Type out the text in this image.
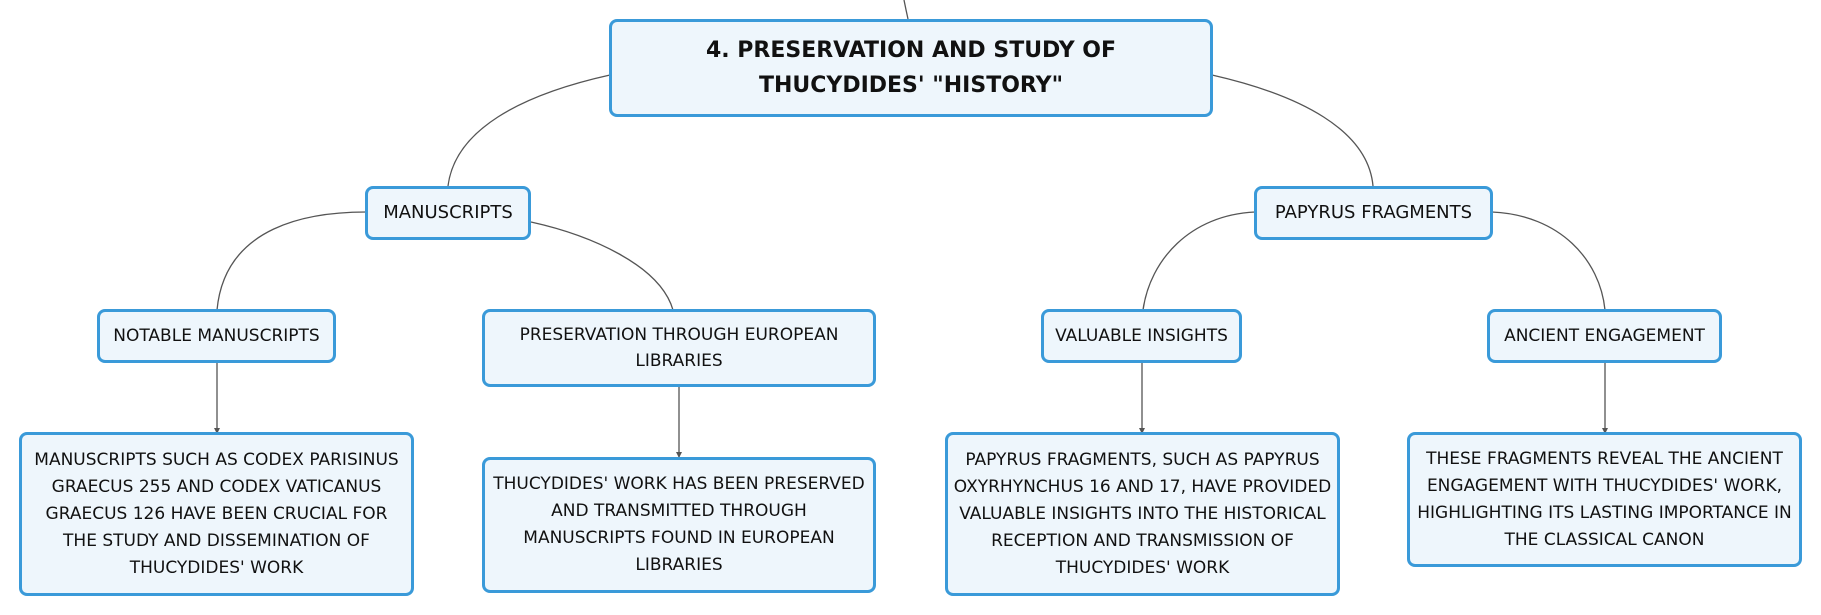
4. PRESERVATION AND STUDY OF THUCYDIDES' "HISTORY"
MANUSCRIPTS	PAPYRUS FRAGMENTS
NOTABLE MANUSCRIPTS	PRESERVATION THROUGH EUROPEAN LIBRARIES
VALUABLE INSIGHTS	ANCIENT ENGAGEMENT
MANUSCRIPTS SUCH AS CODEX PARISINUS GRAECUS 255 AND CODEX VATICANUS GRAECUS 126 HAVE BEEN CRUCIAL FOR THE STUDY AND DISSEMINATION OF THUCYDIDES' WORK
THUCYDIDES' WORK HAS BEEN PRESERVED AND TRANSMITTED THROUGH MANUSCRIPTS FOUND IN EUROPEAN LIBRARIES
PAPYRUS FRAGMENTS, SUCH AS PAPYRUS OXYRHYNCHUS 16 AND 17, HAVE PROVIDED VALUABLE INSIGHTS INTO THE HISTORICAL RECEPTION AND TRANSMISSION OF THUCYDIDES' WORK
THESE FRAGMENTS REVEAL THE ANCIENT ENGAGEMENT WITH THUCYDIDES' WORK, HIGHLIGHTING ITS LASTING IMPORTANCE IN THE CLASSICAL CANON
